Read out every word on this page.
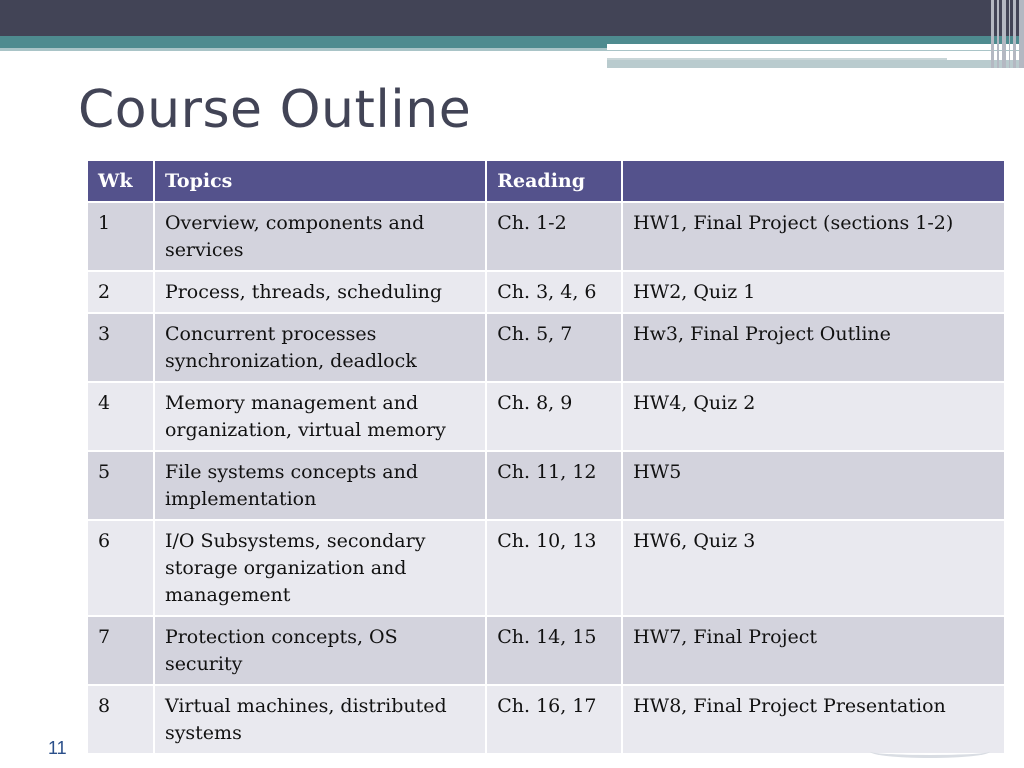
Course Outline
Wk	Topics	Reading	
1	Overview, components and services	Ch. 1-2	HW1, Final Project (sections 1-2)
2	Process, threads, scheduling	Ch. 3, 4, 6	HW2, Quiz 1
3	Concurrent processes synchronization, deadlock	Ch. 5, 7	Hw3, Final Project Outline
4	Memory management and organization, virtual memory	Ch. 8, 9	HW4, Quiz 2
5	File systems concepts and implementation	Ch. 11, 12	HW5
6	I/O Subsystems, secondary storage organization and management	Ch. 10, 13	HW6, Quiz 3
7	Protection concepts, OS security	Ch. 14, 15	HW7, Final Project
8	Virtual machines, distributed systems	Ch. 16, 17	HW8, Final Project Presentation
11
